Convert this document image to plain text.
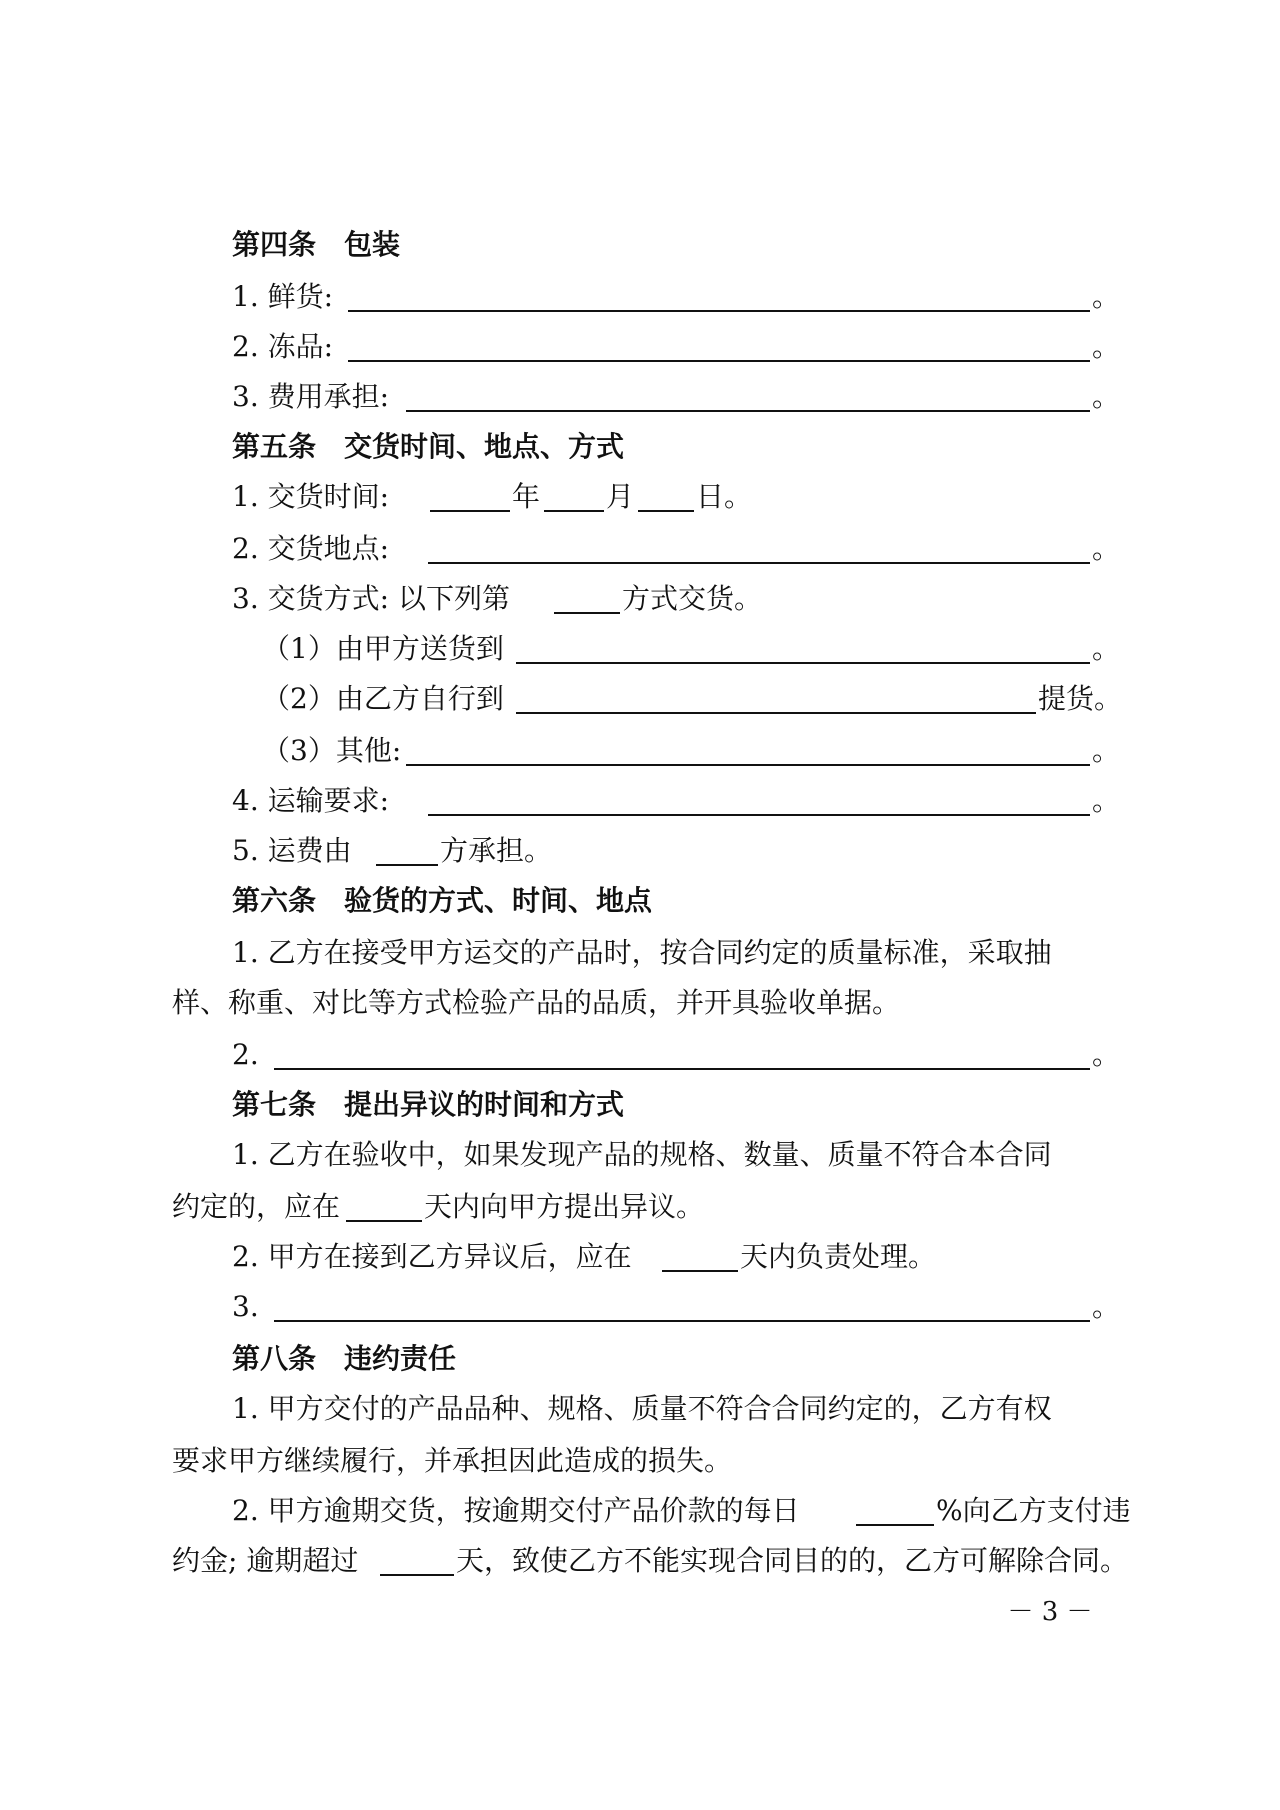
第四条　包装
1. 鲜货:	。
2. 冻品:	。
3. 费用承担:	。
第五条　交货时间、地点、方式
1. 交货时间:	年 月 日。
2. 交货地点:	。
3. 交货方式: 以下列第	方式交货。
（1）由甲方送货到	。
（2）由乙方自行到	提货。
（3）其他:	。
4. 运输要求:	。
5. 运费由	方承担。
第六条　验货的方式、时间、地点
1. 乙方在接受甲方运交的产品时，按合同约定的质量标准，采取抽
样、称重、对比等方式检验产品的品质，并开具验收单据。
2.	。
第七条　提出异议的时间和方式
1. 乙方在验收中，如果发现产品的规格、数量、质量不符合本合同
约定的，应在	天内向甲方提出异议。
2. 甲方在接到乙方异议后，应在	天内负责处理。
3.	。
第八条　违约责任
1. 甲方交付的产品品种、规格、质量不符合合同约定的，乙方有权
要求甲方继续履行，并承担因此造成的损失。
2. 甲方逾期交货，按逾期交付产品价款的每日	%向乙方支付违
约金; 逾期超过	天，致使乙方不能实现合同目的的，乙方可解除合同。
－ 3 －
